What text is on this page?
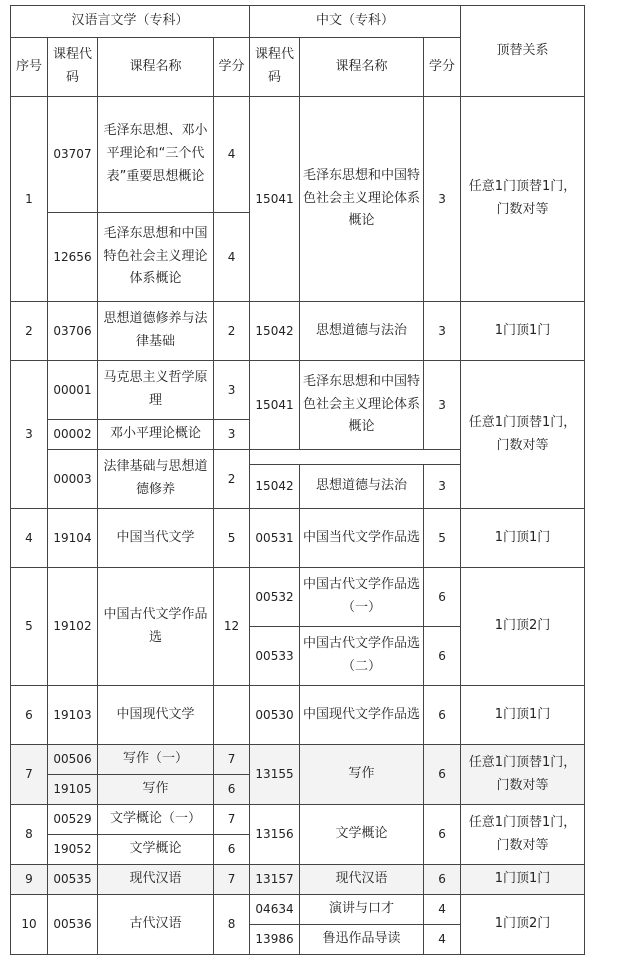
汉语言文学（专科）				中文（专科）			顶替关系
序号	课程代码	课程名称	学分	课程代码	课程名称	学分	
1	03707	毛泽东思想、邓小平理论和“三个代表”重要思想概论	4	15041	毛泽东思想和中国特色社会主义理论体系概论	3	任意1门顶替1门，门数对等
	12656	毛泽东思想和中国特色社会主义理论体系概论	4				
2	03706	思想道德修养与法律基础	2	15042	思想道德与法治	3	1门顶1门
3	00001	马克思主义哲学原理	3	15041	毛泽东思想和中国特色社会主义理论体系概论	3	任意1门顶替1门，门数对等
	00002	邓小平理论概论	3				
	00003	法律基础与思想道德修养	2				
				15042	思想道德与法治	3	
4	19104	中国当代文学	5	00531	中国当代文学作品选	5	1门顶1门
5	19102	中国古代文学作品选	12	00532	中国古代文学作品选（一）	6	1门顶2门
				00533	中国古代文学作品选（二）	6	
6	19103	中国现代文学		00530	中国现代文学作品选	6	1门顶1门
7	00506	写作（一）	7	13155	写作	6	任意1门顶替1门，门数对等
	19105	写作	6				
8	00529	文学概论（一）	7	13156	文学概论	6	任意1门顶替1门，门数对等
	19052	文学概论	6				
9	00535	现代汉语	7	13157	现代汉语	6	1门顶1门
10	00536	古代汉语	8	04634	演讲与口才	4	1门顶2门
				13986	鲁迅作品导读	4	
